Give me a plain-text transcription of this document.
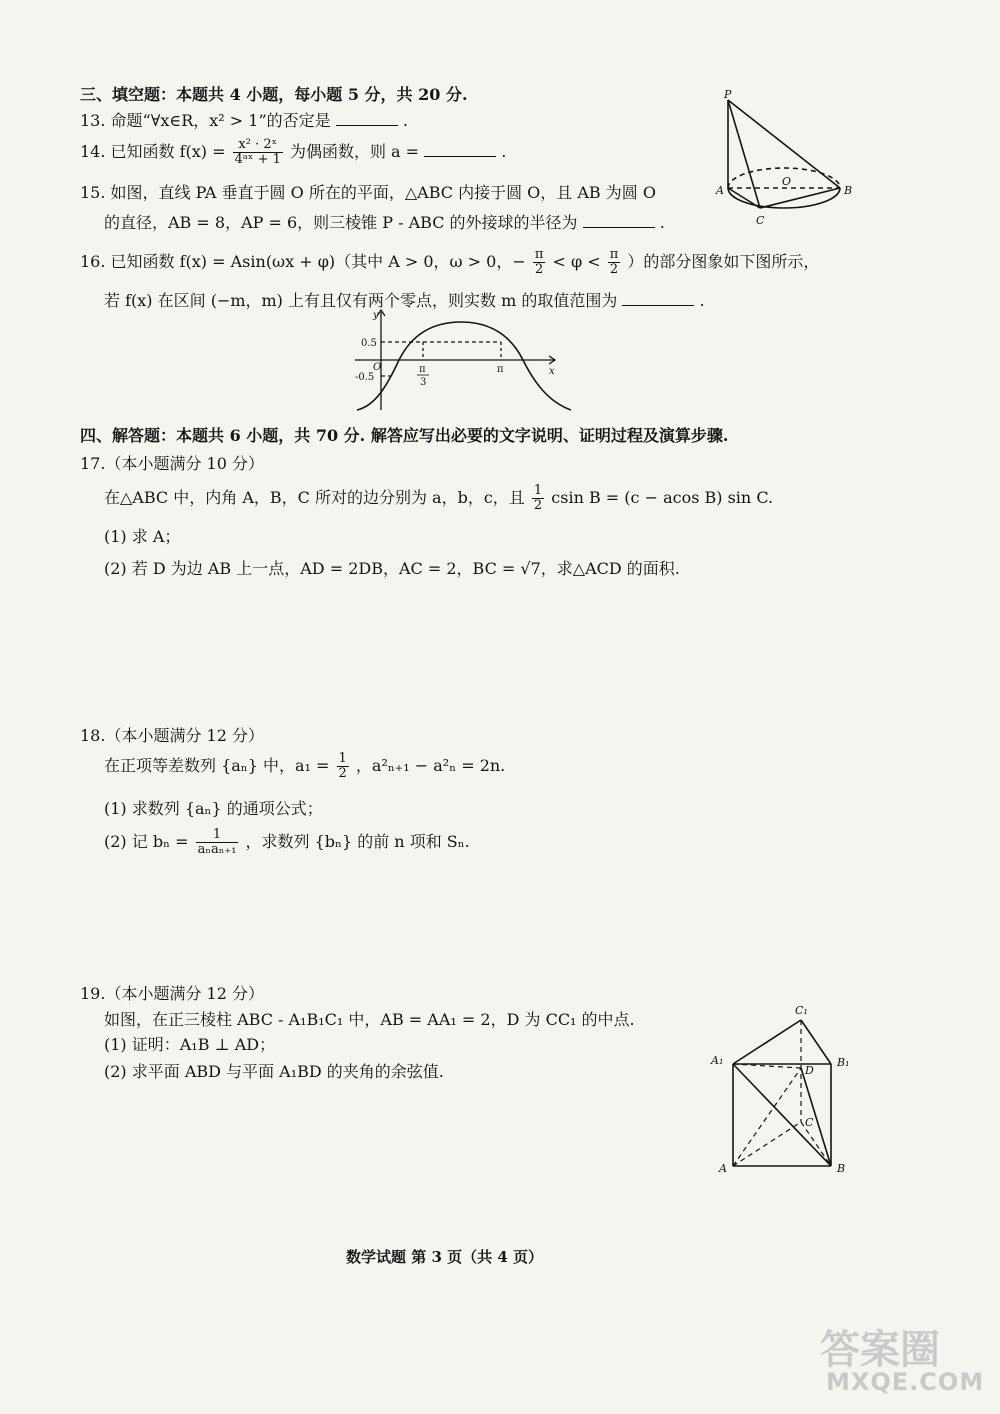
三、填空题：本题共 4 小题，每小题 5 分，共 20 分.
13. 命题“∀x∈R，x² > 1”的否定是	.
14. 已知函数 $f(x) = \frac{\text{x² · 2ˣ}}{\text{4ᵃˣ + 1}}$ 为偶函数，则 a =	.
15. 如图，直线 PA 垂直于圆 O 所在的平面，△ABC 内接于圆 O，且 AB 为圆 O
的直径，AB = 8，AP = 6，则三棱锥 P - ABC 的外接球的半径为	.
P
A	B
C
O
16. 已知函数 f(x) = Asin(ωx + φ)（其中 A > 0，ω > 0，− $\frac{\pi}{2} < \varphi < \frac{\pi}{2}$ ）的部分图象如下图所示，
若 f(x) 在区间 (−m，m) 上有且仅有两个零点，则实数 m 的取值范围为	.
y
x
O
0.5
-0.5
π
3
π
四、解答题：本题共 6 小题，共 70 分. 解答应写出必要的文字说明、证明过程及演算步骤.
17.（本小题满分 10 分）
在△ABC 中，内角 A，B，C 所对的边分别为 a，b，c，且 $\frac{1}{2}$ csin B = (c − acos B) sin C.
(1) 求 A；
(2) 若 D 为边 AB 上一点，AD = 2DB，AC = 2，BC = √7，求△ACD 的面积.
18.（本小题满分 12 分）
在正项等差数列 {aₙ} 中，$a_1 = \frac{1}{2}$ ，a²ₙ₊₁ − a²ₙ = 2n.
(1) 求数列 {aₙ} 的通项公式；
(2) 记 $b_n = \frac{1}{\text{aₙaₙ₊₁}}$ ，求数列 {bₙ} 的前 n 项和 Sₙ.
19.（本小题满分 12 分）
如图，在正三棱柱 ABC - A₁B₁C₁ 中，AB = AA₁ = 2，D 为 CC₁ 的中点.
(1) 证明：A₁B ⊥ AD；
(2) 求平面 ABD 与平面 A₁BD 的夹角的余弦值.
C₁
A₁	B₁
D
C
A	B
数学试题 第 3 页（共 4 页）
答案圈
MXQE.COM
